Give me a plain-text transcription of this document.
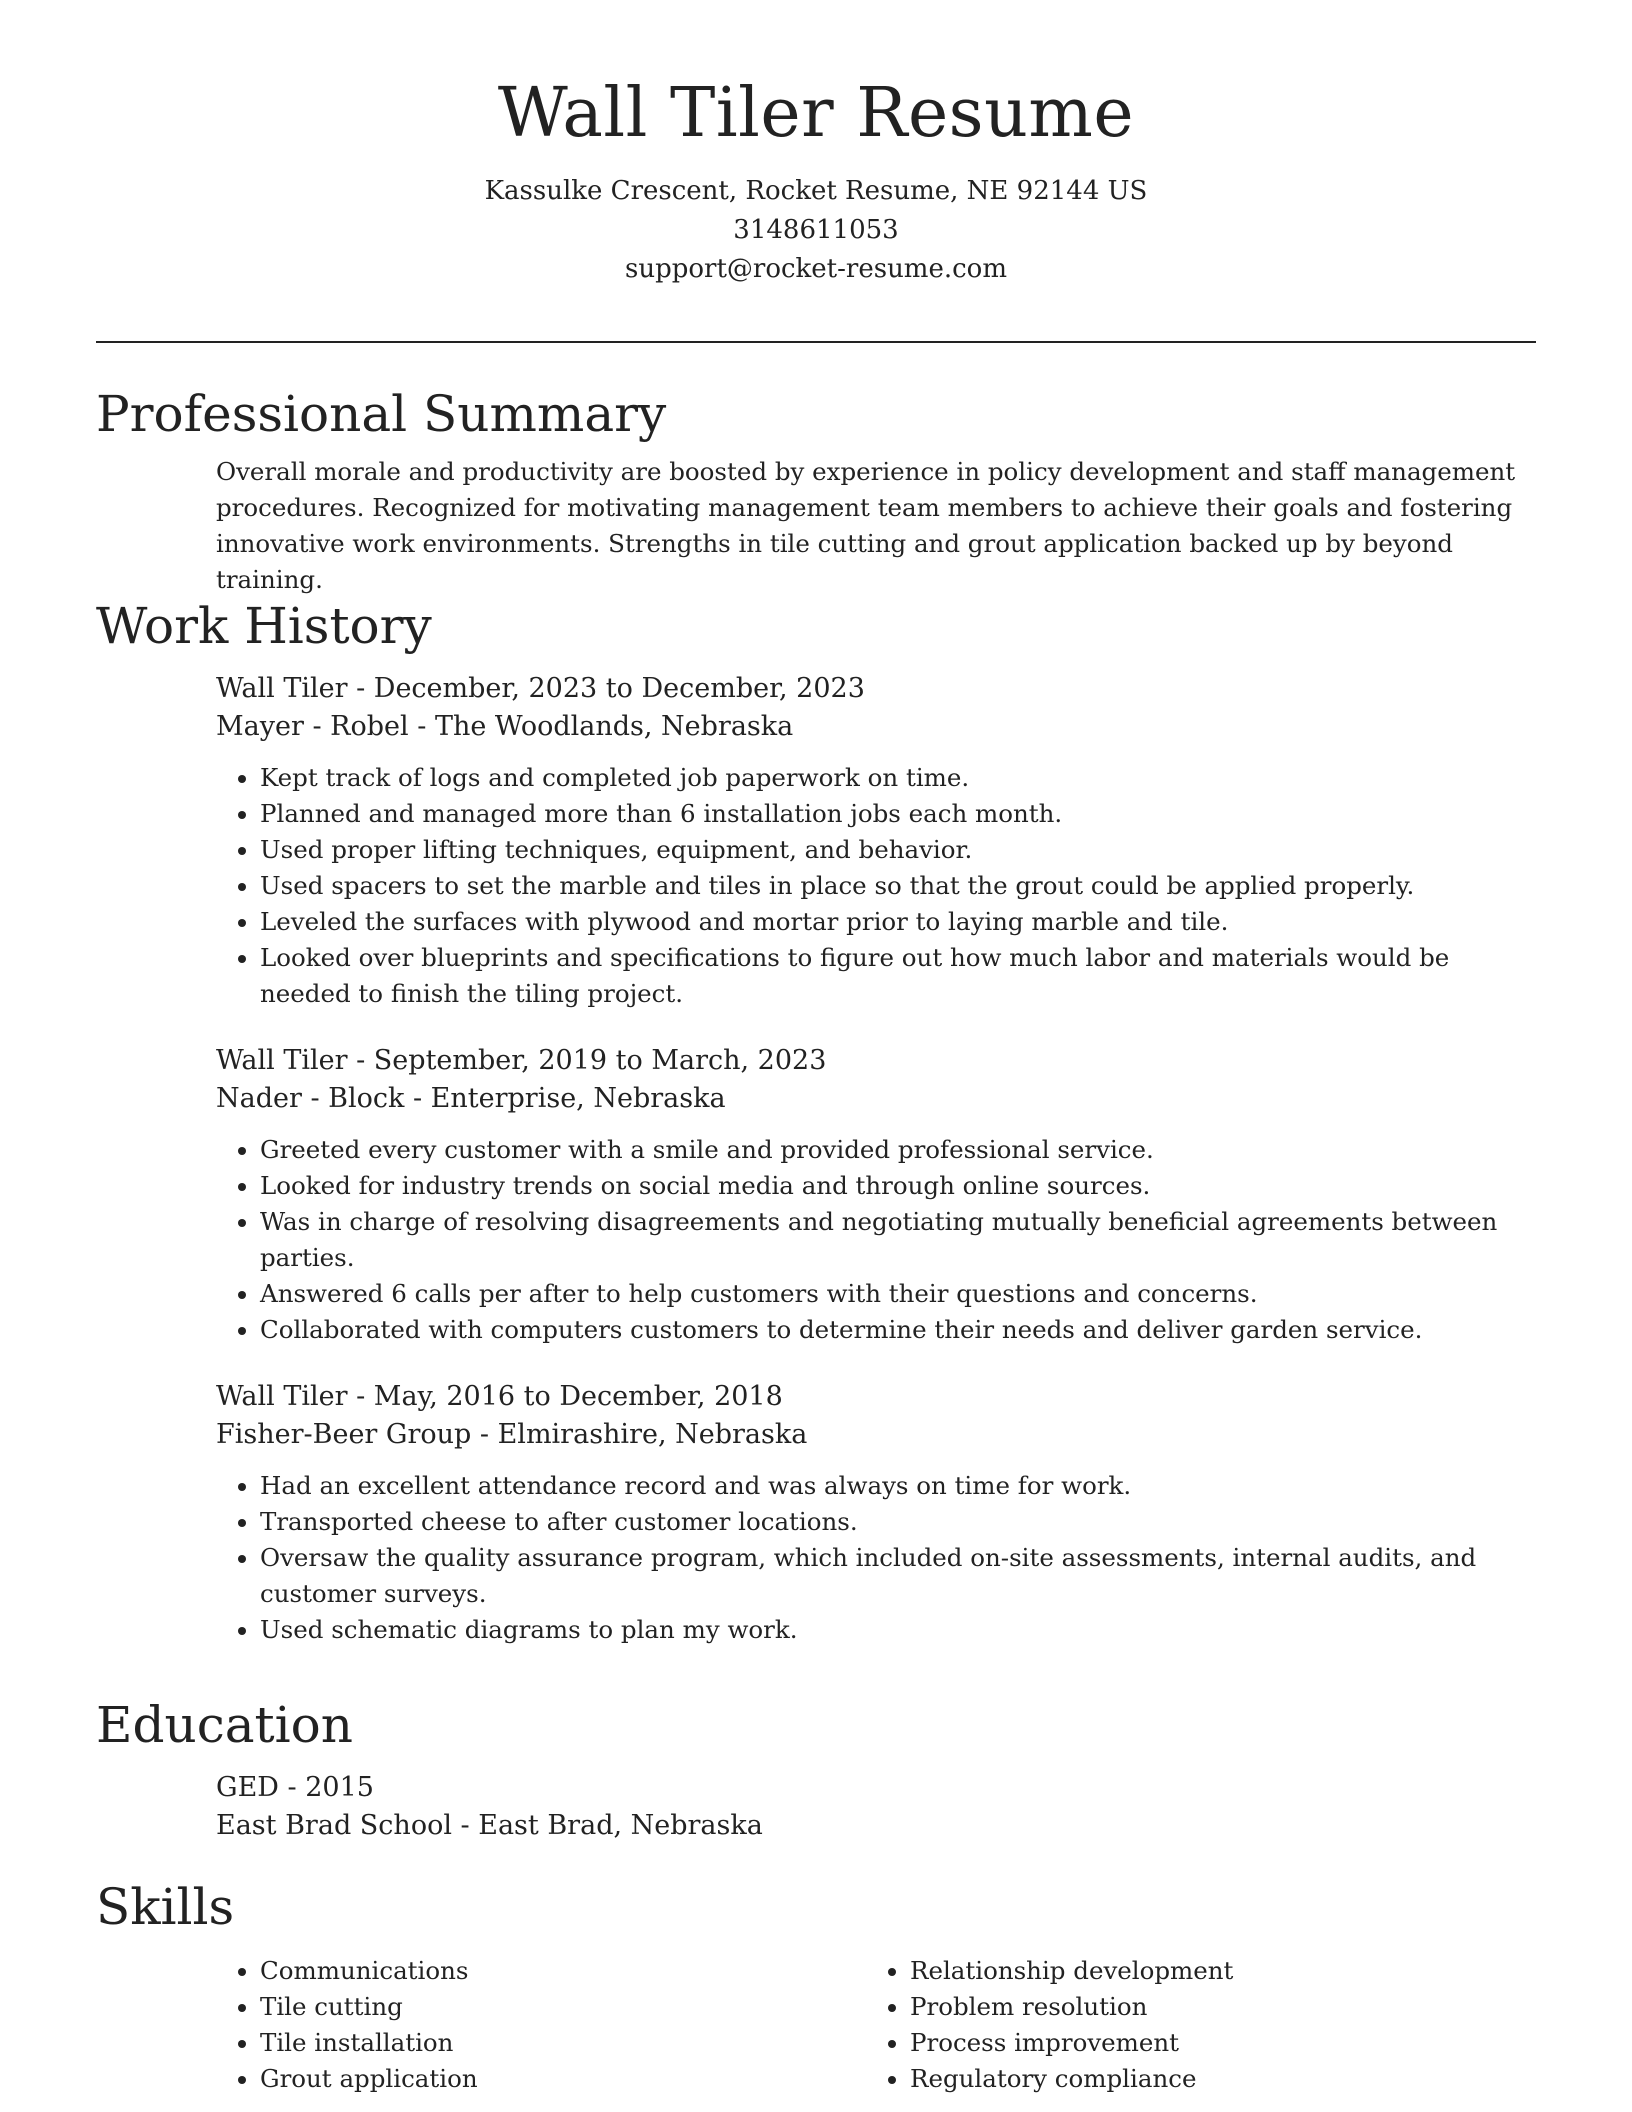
Wall Tiler Resume
Kassulke Crescent, Rocket Resume, NE 92144 US
3148611053
support@rocket-resume.com
Professional Summary
Overall morale and productivity are boosted by experience in policy development and staff management procedures. Recognized for motivating management team members to achieve their goals and fostering innovative work environments. Strengths in tile cutting and grout application backed up by beyond training.
Work History
Wall Tiler - December, 2023 to December, 2023
Mayer - Robel - The Woodlands, Nebraska
• Kept track of logs and completed job paperwork on time.
• Planned and managed more than 6 installation jobs each month.
• Used proper lifting techniques, equipment, and behavior.
• Used spacers to set the marble and tiles in place so that the grout could be applied properly.
• Leveled the surfaces with plywood and mortar prior to laying marble and tile.
• Looked over blueprints and specifications to figure out how much labor and materials would be needed to finish the tiling project.
Wall Tiler - September, 2019 to March, 2023
Nader - Block - Enterprise, Nebraska
• Greeted every customer with a smile and provided professional service.
• Looked for industry trends on social media and through online sources.
• Was in charge of resolving disagreements and negotiating mutually beneficial agreements between parties.
• Answered 6 calls per after to help customers with their questions and concerns.
• Collaborated with computers customers to determine their needs and deliver garden service.
Wall Tiler - May, 2016 to December, 2018
Fisher-Beer Group - Elmirashire, Nebraska
• Had an excellent attendance record and was always on time for work.
• Transported cheese to after customer locations.
• Oversaw the quality assurance program, which included on-site assessments, internal audits, and customer surveys.
• Used schematic diagrams to plan my work.
Education
GED - 2015
East Brad School - East Brad, Nebraska
Skills
• Communications
• Tile cutting
• Tile installation
• Grout application
• Relationship development
• Problem resolution
• Process improvement
• Regulatory compliance
